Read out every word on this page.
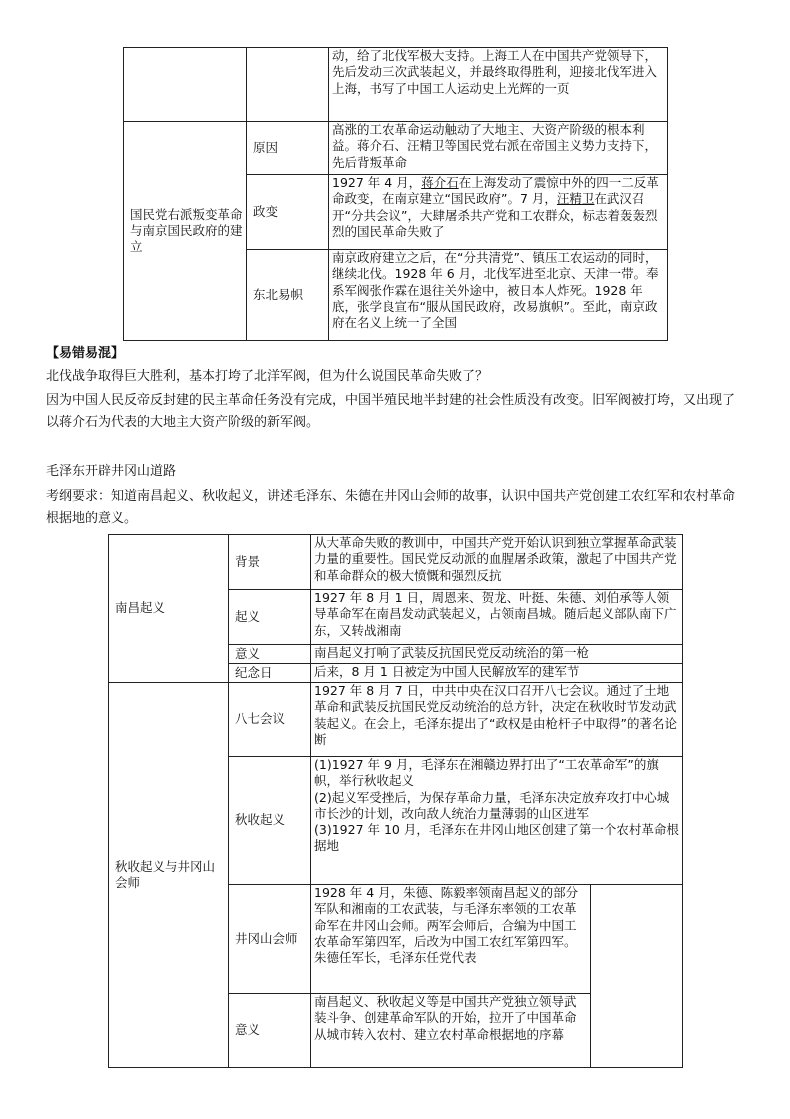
		动，给了北伐军极大支持。上海工人在中国共产党领导下，先后发动三次武装起义，并最终取得胜利，迎接北伐军进入上海，书写了中国工人运动史上光辉的一页
国民党右派叛变革命与南京国民政府的建立	原因	高涨的工农革命运动触动了大地主、大资产阶级的根本利益。蒋介石、汪精卫等国民党右派在帝国主义势力支持下，先后背叛革命
	政变	1927 年 4 月，蒋介石在上海发动了震惊中外的四一二反革命政变，在南京建立“国民政府”。7 月，汪精卫在武汉召开“分共会议”，大肆屠杀共产党和工农群众，标志着轰轰烈烈的国民革命失败了
	东北易帜	南京政府建立之后，在“分共清党”、镇压工农运动的同时，继续北伐。1928 年 6 月，北伐军进至北京、天津一带。奉系军阀张作霖在退往关外途中，被日本人炸死。1928 年底，张学良宣布“服从国民政府，改易旗帜”。至此，南京政府在名义上统一了全国
【易错易混】
北伐战争取得巨大胜利，基本打垮了北洋军阀，但为什么说国民革命失败了？
因为中国人民反帝反封建的民主革命任务没有完成，中国半殖民地半封建的社会性质没有改变。旧军阀被打垮，又出现了以蒋介石为代表的大地主大资产阶级的新军阀。
毛泽东开辟井冈山道路
考纲要求：知道南昌起义、秋收起义，讲述毛泽东、朱德在井冈山会师的故事，认识中国共产党创建工农红军和农村革命根据地的意义。
南昌起义	背景	从大革命失败的教训中，中国共产党开始认识到独立掌握革命武装力量的重要性。国民党反动派的血腥屠杀政策，激起了中国共产党和革命群众的极大愤慨和强烈反抗	
	起义	1927 年 8 月 1 日，周恩来、贺龙、叶挺、朱德、刘伯承等人领导革命军在南昌发动武装起义，占领南昌城。随后起义部队南下广东，又转战湘南	
	意义	南昌起义打响了武装反抗国民党反动统治的第一枪	
	纪念日	后来，8 月 1 日被定为中国人民解放军的建军节	
秋收起义与井冈山会师	八七会议	1927 年 8 月 7 日，中共中央在汉口召开八七会议。通过了土地革命和武装反抗国民党反动统治的总方针，决定在秋收时节发动武装起义。在会上，毛泽东提出了“政权是由枪杆子中取得”的著名论断	
	秋收起义	(1)1927 年 9 月，毛泽东在湘赣边界打出了“工农革命军”的旗帜，举行秋收起义
(2)起义军受挫后，为保存革命力量，毛泽东决定放弃攻打中心城市长沙的计划，改向敌人统治力量薄弱的山区进军
(3)1927 年 10 月，毛泽东在井冈山地区创建了第一个农村革命根据地	

	井冈山会师	1928 年 4 月，朱德、陈毅率领南昌起义的部分军队和湘南的工农武装，与毛泽东率领的工农革命军在井冈山会师。两军会师后，合编为中国工农革命军第四军，后改为中国工农红军第四军。朱德任军长，毛泽东任党代表	
	意义	南昌起义、秋收起义等是中国共产党独立领导武装斗争、创建革命军队的开始，拉开了中国革命从城市转入农村、建立农村革命根据地的序幕	
